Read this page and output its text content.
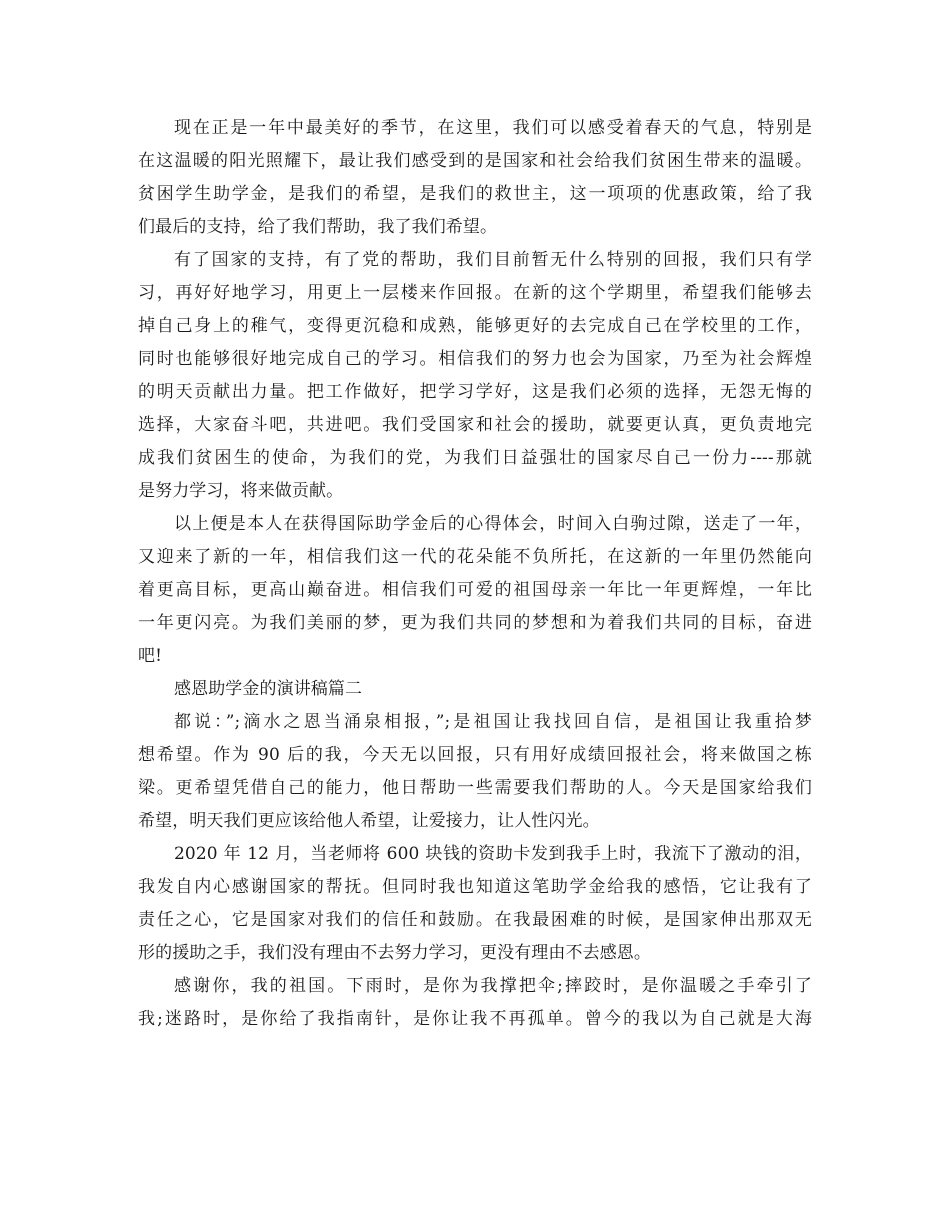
现在正是一年中最美好的季节，在这里，我们可以感受着春天的气息，特别是
在这温暖的阳光照耀下，最让我们感受到的是国家和社会给我们贫困生带来的温暖。
贫困学生助学金，是我们的希望，是我们的救世主，这一项项的优惠政策，给了我
们最后的支持，给了我们帮助，我了我们希望。
有了国家的支持，有了党的帮助，我们目前暂无什么特别的回报，我们只有学
习，再好好地学习，用更上一层楼来作回报。在新的这个学期里，希望我们能够去
掉自己身上的稚气，变得更沉稳和成熟，能够更好的去完成自己在学校里的工作，
同时也能够很好地完成自己的学习。相信我们的努力也会为国家，乃至为社会辉煌
的明天贡献出力量。把工作做好，把学习学好，这是我们必须的选择，无怨无悔的
选择，大家奋斗吧，共进吧。我们受国家和社会的援助，就要更认真，更负责地完
成我们贫困生的使命，为我们的党，为我们日益强壮的国家尽自己一份力----那就
是努力学习，将来做贡献。
以上便是本人在获得国际助学金后的心得体会，时间入白驹过隙，送走了一年，
又迎来了新的一年，相信我们这一代的花朵能不负所托，在这新的一年里仍然能向
着更高目标，更高山巅奋进。相信我们可爱的祖国母亲一年比一年更辉煌，一年比
一年更闪亮。为我们美丽的梦，更为我们共同的梦想和为着我们共同的目标，奋进
吧!
感恩助学金的演讲稿篇二
都说：”;滴水之恩当涌泉相报，”;是祖国让我找回自信，是祖国让我重拾梦
想希望。作为 90 后的我，今天无以回报，只有用好成绩回报社会，将来做国之栋
梁。更希望凭借自己的能力，他日帮助一些需要我们帮助的人。今天是国家给我们
希望，明天我们更应该给他人希望，让爱接力，让人性闪光。
2020 年 12 月，当老师将 600 块钱的资助卡发到我手上时，我流下了激动的泪，
我发自内心感谢国家的帮抚。但同时我也知道这笔助学金给我的感悟，它让我有了
责任之心，它是国家对我们的信任和鼓励。在我最困难的时候，是国家伸出那双无
形的援助之手，我们没有理由不去努力学习，更没有理由不去感恩。
感谢你，我的祖国。下雨时，是你为我撑把伞;摔跤时，是你温暖之手牵引了
我;迷路时，是你给了我指南针，是你让我不再孤单。曾今的我以为自己就是大海
